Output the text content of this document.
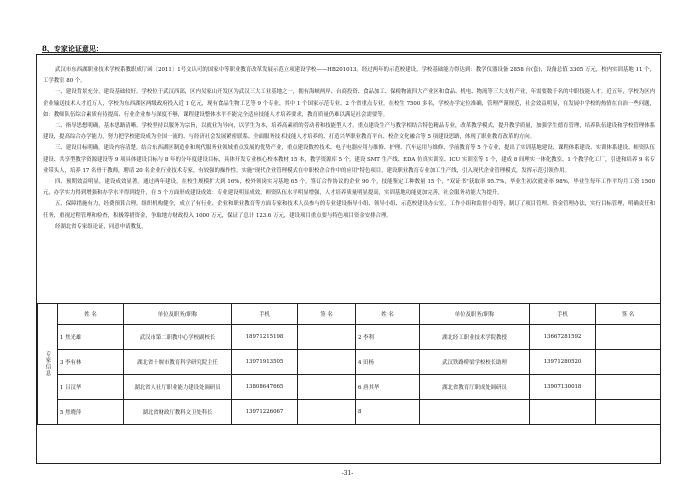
8、专家论证意见：

武汉市东西湖职业技术学校系教职成厅函〔2011〕1号文认可的国家中等职业教育改革发展示范立项建设学校——HB201013。经过两年的示范校建设，学校基础能力得达到：教学仪器设备 2858 台(套)，设备总值 3305 万元，校内实训基地 11 个，工学教室 80 个。

一、建设背景充分，建设基础较好。学校位于武汉西部，区内吴家山开发区为武汉三大工业基地之一，拥有海峡两岸、台商投资、食品加工、保税物流四大产业区和食品、机电、物流等三大支柱产业，年需要数千名的中职技能人才。近五年，学校为区内企业输送技术人才近万人，学校为东西湖区两级政府投入近 1 亿元，现有食品生物工艺等 9 个专业，其中 1 个国家示范专业、2 个省重点专业，在校生 7500 多名，学校办学定位准确，管理严谨规范，社会效益明显，在发展中学校的热情在自治一些问题，如：教师队伍综合素质有待提高、行业企业参与深度不够，课程建设整体水平不能完全适应技能人才培养要求，教育质量仍难以满足社会需要等。

二、指导思想明确，基本思路清晰。学校坚持以服务为宗旨，以就业为导向，以学生为本，培养高素质的劳动者和技能型人才。重点建设生产与教学相结合特色精品专业，改革教学模式，提升教学质量，加强学生德育管理，培养队伍建设和学校管理体系建设，提高综合办学能力，努力把学校建设成为全国一流的、与经济社会发展紧密联系、全面服务技术技能人才培养的、打造兴华职业教育平台、校企文化融合等 5 项建设思路，体现了职业教育改革的方向。

三、建设目标明确，建设内容清楚。结合东西湖区制造业和现代服务业领域重点发展的优势产业，重点建设数控技术、电子电器应用与维修、护理、汽车运用与维修、学前教育等 5 个专业，提出了实训基地建设、课程体系建设、实训体系建设、师资队伍建设、共享型教学资源建设等 9 项具体建设目标与 8 年的分年度建设目标，具体开发专业核心校本教材 15 本，教学资源库 5 个。建设 SMT 生产线、EDA 仿真实训室、ICU 实训室等 1 个，建成 8 间理实一体化教室、1 个教学化工厂，引进和培养 9 名专业带头人，培养 17 名骨干教师，聘请 20 名企业行业技术专家，有较强的操作性。实施"现代企业管理模式在中职校企合作中的应用"特色项目，建设职业教育专业加工生产线，引入现代企业管理模式，发挥示范引领作用。

四、预期效益明显，建设成效显著。通过两年建设，在校生规模扩大到 16%，校外领岗实习基地 65 个，签订合作协议的企业 90 个，技能鉴定工种数量 15 个，"双证书"获取率 95.7%，毕业生初次就业率 98%，毕业生每年工作平均月工资 1500 元，办学实力得到增强和办学水平得到提升，在 5 个方面形成建设成效：专业建设明显成效，师资队伍水平明显增强，人才培养质量明显提高，实训基地功能更加完善，社会服务功能大为提升。

五、保障措施有力，经费预算合理。组织机构健全，成立了有行业、企业和职业教育等方面专家和技术人员参与的专业建设指导小组、领导小组、示范校建设办公室，工作小组和监督小组等，制订了项目管理、资金管理办法，实行目标管理，明确责任和任务，重视过程管理和检查，积极筹措资金，争取地方财政投入 1000 万元，保证了总计 123.6 万元，建设项目重点要与特色项目资金安排合理。

经湖北省专家组论证，同意申请教复。

专家信息	姓 名	单位及职务/职称	手机	签 名	姓 名	单位及职务/职称	手机	签 名
	1 焦光雄	武汉市第二职教中心学校副校长	18971215198		2 李利	湖北经工职业技术学院教授	13667281592	
	3 李有林	湖北省十堰市教育科学研究院主任	13971913505		4 田杨	武汉铁路桥梁学校校长助理	13971280520	
	1 吕汉华	湖北省人社厅职业能力建设处调研员	13808647665		6 唐其华	湖北省教育厅职成处调研员	13907130018	
	5 焦晓萍	湖北省财政厅教科文卫处科长	13971226067		8			
-31-
